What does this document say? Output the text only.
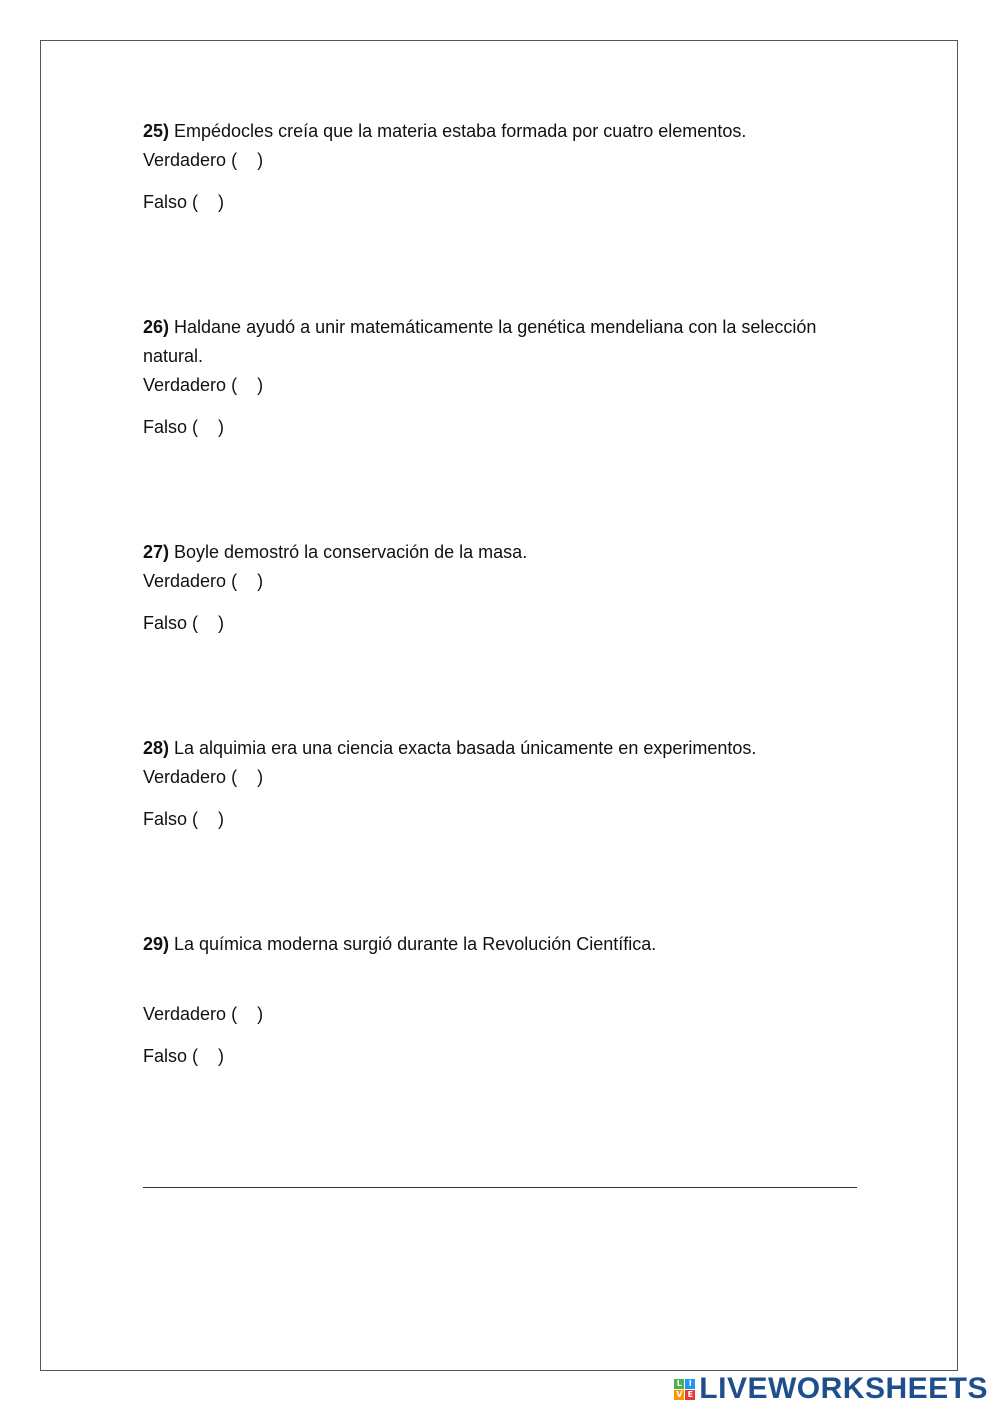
25) Empédocles creía que la materia estaba formada por cuatro elementos.
Verdadero (    )
Falso (    )
26) Haldane ayudó a unir matemáticamente la genética mendeliana con la selección natural.
Verdadero (    )
Falso (    )
27) Boyle demostró la conservación de la masa.
Verdadero (    )
Falso (    )
28) La alquimia era una ciencia exacta basada únicamente en experimentos.
Verdadero (    )
Falso (    )
29) La química moderna surgió durante la Revolución Científica.
Verdadero (    )
Falso (    )
L I
V E LIVEWORKSHEETS
